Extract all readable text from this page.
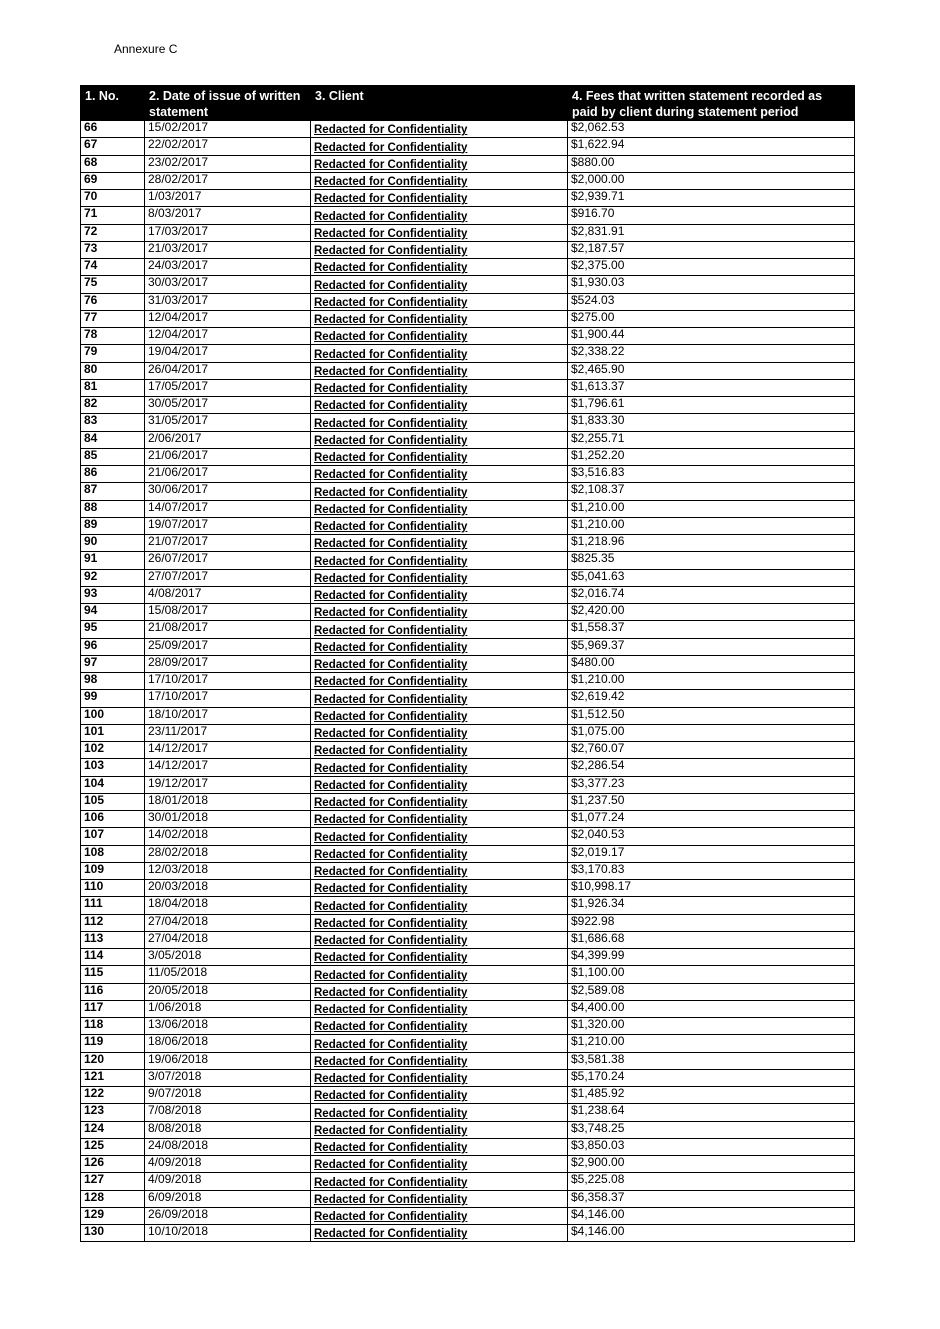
Annexure C
1. No.	2. Date of issue of written statement	3. Client	4. Fees that written statement recorded as paid by client during statement period
66	15/02/2017	Redacted for Confidentiality	$2,062.53
67	22/02/2017	Redacted for Confidentiality	$1,622.94
68	23/02/2017	Redacted for Confidentiality	$880.00
69	28/02/2017	Redacted for Confidentiality	$2,000.00
70	1/03/2017	Redacted for Confidentiality	$2,939.71
71	8/03/2017	Redacted for Confidentiality	$916.70
72	17/03/2017	Redacted for Confidentiality	$2,831.91
73	21/03/2017	Redacted for Confidentiality	$2,187.57
74	24/03/2017	Redacted for Confidentiality	$2,375.00
75	30/03/2017	Redacted for Confidentiality	$1,930.03
76	31/03/2017	Redacted for Confidentiality	$524.03
77	12/04/2017	Redacted for Confidentiality	$275.00
78	12/04/2017	Redacted for Confidentiality	$1,900.44
79	19/04/2017	Redacted for Confidentiality	$2,338.22
80	26/04/2017	Redacted for Confidentiality	$2,465.90
81	17/05/2017	Redacted for Confidentiality	$1,613.37
82	30/05/2017	Redacted for Confidentiality	$1,796.61
83	31/05/2017	Redacted for Confidentiality	$1,833.30
84	2/06/2017	Redacted for Confidentiality	$2,255.71
85	21/06/2017	Redacted for Confidentiality	$1,252.20
86	21/06/2017	Redacted for Confidentiality	$3,516.83
87	30/06/2017	Redacted for Confidentiality	$2,108.37
88	14/07/2017	Redacted for Confidentiality	$1,210.00
89	19/07/2017	Redacted for Confidentiality	$1,210.00
90	21/07/2017	Redacted for Confidentiality	$1,218.96
91	26/07/2017	Redacted for Confidentiality	$825.35
92	27/07/2017	Redacted for Confidentiality	$5,041.63
93	4/08/2017	Redacted for Confidentiality	$2,016.74
94	15/08/2017	Redacted for Confidentiality	$2,420.00
95	21/08/2017	Redacted for Confidentiality	$1,558.37
96	25/09/2017	Redacted for Confidentiality	$5,969.37
97	28/09/2017	Redacted for Confidentiality	$480.00
98	17/10/2017	Redacted for Confidentiality	$1,210.00
99	17/10/2017	Redacted for Confidentiality	$2,619.42
100	18/10/2017	Redacted for Confidentiality	$1,512.50
101	23/11/2017	Redacted for Confidentiality	$1,075.00
102	14/12/2017	Redacted for Confidentiality	$2,760.07
103	14/12/2017	Redacted for Confidentiality	$2,286.54
104	19/12/2017	Redacted for Confidentiality	$3,377.23
105	18/01/2018	Redacted for Confidentiality	$1,237.50
106	30/01/2018	Redacted for Confidentiality	$1,077.24
107	14/02/2018	Redacted for Confidentiality	$2,040.53
108	28/02/2018	Redacted for Confidentiality	$2,019.17
109	12/03/2018	Redacted for Confidentiality	$3,170.83
110	20/03/2018	Redacted for Confidentiality	$10,998.17
111	18/04/2018	Redacted for Confidentiality	$1,926.34
112	27/04/2018	Redacted for Confidentiality	$922.98
113	27/04/2018	Redacted for Confidentiality	$1,686.68
114	3/05/2018	Redacted for Confidentiality	$4,399.99
115	11/05/2018	Redacted for Confidentiality	$1,100.00
116	20/05/2018	Redacted for Confidentiality	$2,589.08
117	1/06/2018	Redacted for Confidentiality	$4,400.00
118	13/06/2018	Redacted for Confidentiality	$1,320.00
119	18/06/2018	Redacted for Confidentiality	$1,210.00
120	19/06/2018	Redacted for Confidentiality	$3,581.38
121	3/07/2018	Redacted for Confidentiality	$5,170.24
122	9/07/2018	Redacted for Confidentiality	$1,485.92
123	7/08/2018	Redacted for Confidentiality	$1,238.64
124	8/08/2018	Redacted for Confidentiality	$3,748.25
125	24/08/2018	Redacted for Confidentiality	$3,850.03
126	4/09/2018	Redacted for Confidentiality	$2,900.00
127	4/09/2018	Redacted for Confidentiality	$5,225.08
128	6/09/2018	Redacted for Confidentiality	$6,358.37
129	26/09/2018	Redacted for Confidentiality	$4,146.00
130	10/10/2018	Redacted for Confidentiality	$4,146.00
